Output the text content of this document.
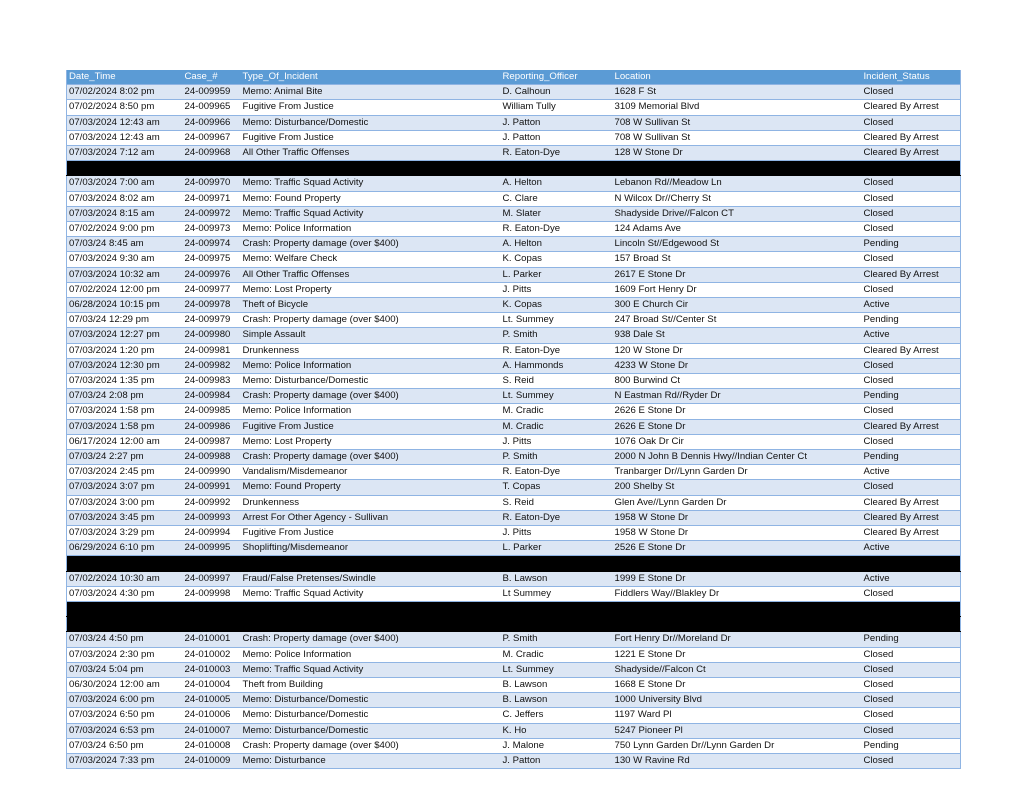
Date_Time	Case_#	Type_Of_Incident	Reporting_Officer	Location	Incident_Status
07/02/2024 8:02 pm	24-009959	Memo: Animal Bite	D. Calhoun	1628 F St	Closed
07/02/2024 8:50 pm	24-009965	Fugitive From Justice	William Tully	3109 Memorial Blvd	Cleared By Arrest
07/03/2024 12:43 am	24-009966	Memo: Disturbance/Domestic	J. Patton	708 W Sullivan St	Closed
07/03/2024 12:43 am	24-009967	Fugitive From Justice	J. Patton	708 W Sullivan St	Cleared By Arrest
07/03/2024 7:12 am	24-009968	All Other Traffic Offenses	R. Eaton-Dye	128 W Stone Dr	Cleared By Arrest

07/03/2024 7:00 am	24-009970	Memo: Traffic Squad Activity	A. Helton	Lebanon Rd//Meadow Ln	Closed
07/03/2024 8:02 am	24-009971	Memo: Found Property	C. Clare	N Wilcox Dr//Cherry St	Closed
07/03/2024 8:15 am	24-009972	Memo: Traffic Squad Activity	M. Slater	Shadyside Drive//Falcon CT	Closed
07/02/2024 9:00 pm	24-009973	Memo: Police Information	R. Eaton-Dye	124 Adams Ave	Closed
07/03/24 8:45 am	24-009974	Crash: Property damage (over $400)	A. Helton	Lincoln St//Edgewood St	Pending
07/03/2024 9:30 am	24-009975	Memo: Welfare Check	K. Copas	157 Broad St	Closed
07/03/2024 10:32 am	24-009976	All Other Traffic Offenses	L. Parker	2617 E Stone Dr	Cleared By Arrest
07/02/2024 12:00 pm	24-009977	Memo: Lost Property	J. Pitts	1609 Fort Henry Dr	Closed
06/28/2024 10:15 pm	24-009978	Theft of Bicycle	K. Copas	300 E Church Cir	Active
07/03/24 12:29 pm	24-009979	Crash: Property damage (over $400)	Lt. Summey	247 Broad St//Center St	Pending
07/03/2024 12:27 pm	24-009980	Simple Assault	P. Smith	938 Dale St	Active
07/03/2024 1:20 pm	24-009981	Drunkenness	R. Eaton-Dye	120 W Stone Dr	Cleared By Arrest
07/03/2024 12:30 pm	24-009982	Memo: Police Information	A. Hammonds	4233 W Stone Dr	Closed
07/03/2024 1:35 pm	24-009983	Memo: Disturbance/Domestic	S. Reid	800 Burwind Ct	Closed
07/03/24 2:08 pm	24-009984	Crash: Property damage (over $400)	Lt. Summey	N Eastman Rd//Ryder Dr	Pending
07/03/2024 1:58 pm	24-009985	Memo: Police Information	M. Cradic	2626 E Stone Dr	Closed
07/03/2024 1:58 pm	24-009986	Fugitive From Justice	M. Cradic	2626 E Stone Dr	Cleared By Arrest
06/17/2024 12:00 am	24-009987	Memo: Lost Property	J. Pitts	1076 Oak Dr Cir	Closed
07/03/24 2:27 pm	24-009988	Crash: Property damage (over $400)	P. Smith	2000 N John B Dennis Hwy//Indian Center Ct	Pending
07/03/2024 2:45 pm	24-009990	Vandalism/Misdemeanor	R. Eaton-Dye	Tranbarger Dr//Lynn Garden Dr	Active
07/03/2024 3:07 pm	24-009991	Memo: Found Property	T. Copas	200 Shelby St	Closed
07/03/2024 3:00 pm	24-009992	Drunkenness	S. Reid	Glen Ave//Lynn Garden Dr	Cleared By Arrest
07/03/2024 3:45 pm	24-009993	Arrest For Other Agency - Sullivan	R. Eaton-Dye	1958 W Stone Dr	Cleared By Arrest
07/03/2024 3:29 pm	24-009994	Fugitive From Justice	J. Pitts	1958 W Stone Dr	Cleared By Arrest
06/29/2024 6:10 pm	24-009995	Shoplifting/Misdemeanor	L. Parker	2526 E Stone Dr	Active

07/02/2024 10:30 am	24-009997	Fraud/False Pretenses/Swindle	B. Lawson	1999 E Stone Dr	Active
07/03/2024 4:30 pm	24-009998	Memo: Traffic Squad Activity	Lt Summey	Fiddlers Way//Blakley Dr	Closed

07/03/24 4:50 pm	24-010001	Crash: Property damage (over $400)	P. Smith	Fort Henry Dr//Moreland Dr	Pending
07/03/2024 2:30 pm	24-010002	Memo: Police Information	M. Cradic	1221 E Stone Dr	Closed
07/03/24 5:04 pm	24-010003	Memo: Traffic Squad Activity	Lt. Summey	Shadyside//Falcon Ct	Closed
06/30/2024 12:00 am	24-010004	Theft from Building	B. Lawson	1668 E Stone Dr	Closed
07/03/2024 6:00 pm	24-010005	Memo: Disturbance/Domestic	B. Lawson	1000 University Blvd	Closed
07/03/2024 6:50 pm	24-010006	Memo: Disturbance/Domestic	C. Jeffers	1197 Ward Pl	Closed
07/03/2024 6:53 pm	24-010007	Memo: Disturbance/Domestic	K. Ho	5247 Pioneer Pl	Closed
07/03/24 6:50 pm	24-010008	Crash: Property damage (over $400)	J. Malone	750 Lynn Garden Dr//Lynn Garden Dr	Pending
07/03/2024 7:33 pm	24-010009	Memo: Disturbance	J. Patton	130 W Ravine Rd	Closed
